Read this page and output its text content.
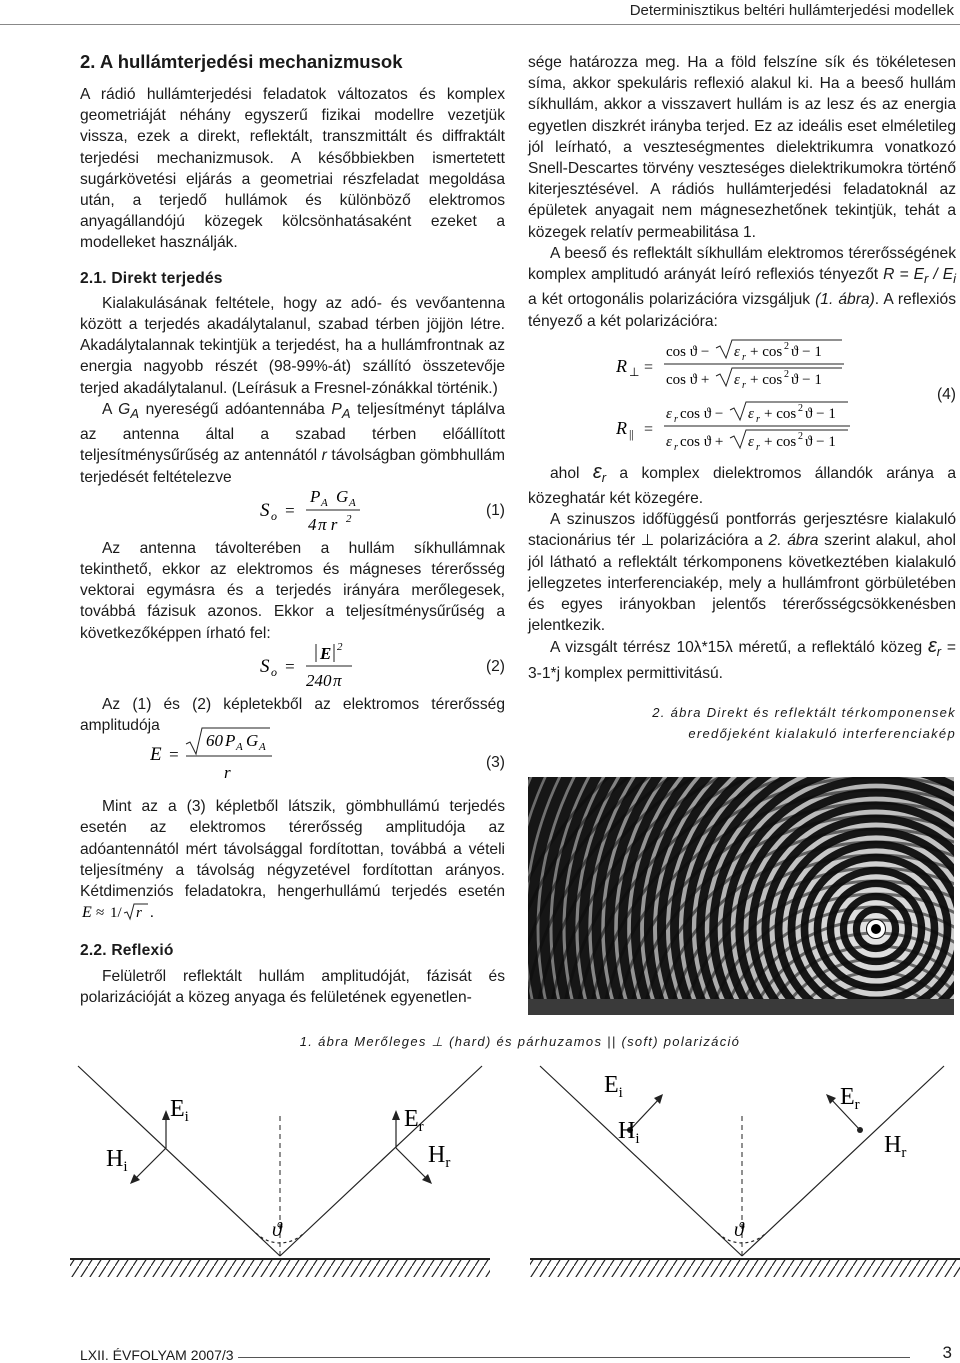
Determinisztikus beltéri hullámterjedési modellek

2. A hullámterjedési mechanizmusok

A rádió hullámterjedési feladatok változatos és komplex geometriáját néhány egyszerű fizikai modellre vezetjük vissza, ezek a direkt, reflektált, transzmittált és diffraktált terjedési mechanizmusok. A későbbiekben ismertetett sugárkövetési eljárás a geometriai részfeladat megoldása után, a terjedő hullámok és különböző elektromos anyagállandójú közegek kölcsönhatásaként ezeket a modelleket használják.

2.1. Direkt terjedés

Kialakulásának feltétele, hogy az adó- és vevőantenna között a terjedés akadálytalanul, szabad térben jöjjön létre. Akadálytalannak tekintjük a terjedést, ha a hullámfrontnak az energia nagyobb részét (98-99%-át) szállító összetevője terjed akadálytalanul. (Leírásuk a Fresnel-zónákkal történik.)

A $G_A$ nyereségű adóantennába $P_A$ teljesítményt táplálva az antenna által a szabad térben előállított teljesítménysűrűség az antennától r távolságban gömbhullám terjedését feltételezve

S o =
P A G A
4 π r 2	(1)

Az antenna távolterében a hullám síkhullámnak tekinthető, ekkor az elektromos és mágneses térerősség vektorai egymásra és a terjedés irányára merőlegesek, továbbá fázisuk azonos. Ekkor a teljesítménysűrűség a következőképpen írható fel:

S o =
E 2
240 π
(2)

Az (1) és (2) képletekből az elektromos térerősség amplitudója

E =
60 P A G A
r
(3)

Mint az a (3) képletből látszik, gömbhullámú terjedés esetén az elektromos térerősség amplitudója az adóantennától mért távolsággal fordítottan, továbbá a vételi teljesítmény a távolság négyzetével fordítottan arányos. Kétdimenziós feladatokra, hengerhullámú terjedés esetén
E ≈ 1/ r .

2.2. Reflexió

Felületről reflektált hullám amplitudóját, fázisát és polarizációját a közeg anyaga és felületének egyenetlen-

sége határozza meg. Ha a föld felszíne sík és tökéletesen síma, akkor spekuláris reflexió alakul ki. Ha a beeső hullám síkhullám, akkor a visszavert hullám is az lesz és az energia egyetlen diszkrét irányba terjed. Ez az ideális eset elméletileg jól leírható, a veszteségmentes dielektrikumra vonatkozó Snell-Descartes törvény veszteséges dielektrikumokra történő kiterjesztésével. A rádiós hullámterjedési feladatoknál az épületek anyagait nem mágnesezhetőnek tekintjük, tehát a közegek relatív permeabilitása 1.

A beeső és reflektált síkhullám elektromos térerősségének komplex amplitudó arányát leíró reflexiós tényezőt $R = E_r / E_i$ a két ortogonális polarizációra vizsgáljuk (1. ábra). A reflexiós tényező a két polarizációra:

R ⊥ =
cos ϑ − ε r + cos 2 ϑ − 1
cos ϑ + ε r + cos 2 ϑ − 1
R || =
ε r cos ϑ − ε r + cos 2 ϑ − 1
ε r cos ϑ + ε r + cos 2 ϑ − 1
(4)

ahol $\varepsilon_r$ a komplex dielektromos állandók aránya a közeghatár két közegére.

A szinuszos időfüggésű pontforrás gerjesztésre kialakuló stacionárius tér ⊥ polarizációra a 2. ábra szerint alakul, ahol jól látható a reflektált térkomponens következtében kialakuló jellegzetes interferenciakép, mely a hullámfront görbületében és egyes irányokban jelentős térerősségcsökkenésben jelentkezik.

A vizsgált térrész 10λ*15λ méretű, a reflektáló közeg $\varepsilon_r = 3-1*j$ komplex permittivitású.

2. ábra Direkt és reflektált térkomponensek
eredőjeként kialakuló interferenciakép
1. ábra Merőleges ⊥ (hard) és párhuzamos || (soft) polarizáció
$E_i$
$H_i$
$E_r$
$H_r$
ϑ
$E_i$
$H_i$
$E_r$
$H_r$
ϑ
LXII. ÉVFOLYAM 2007/3	3
